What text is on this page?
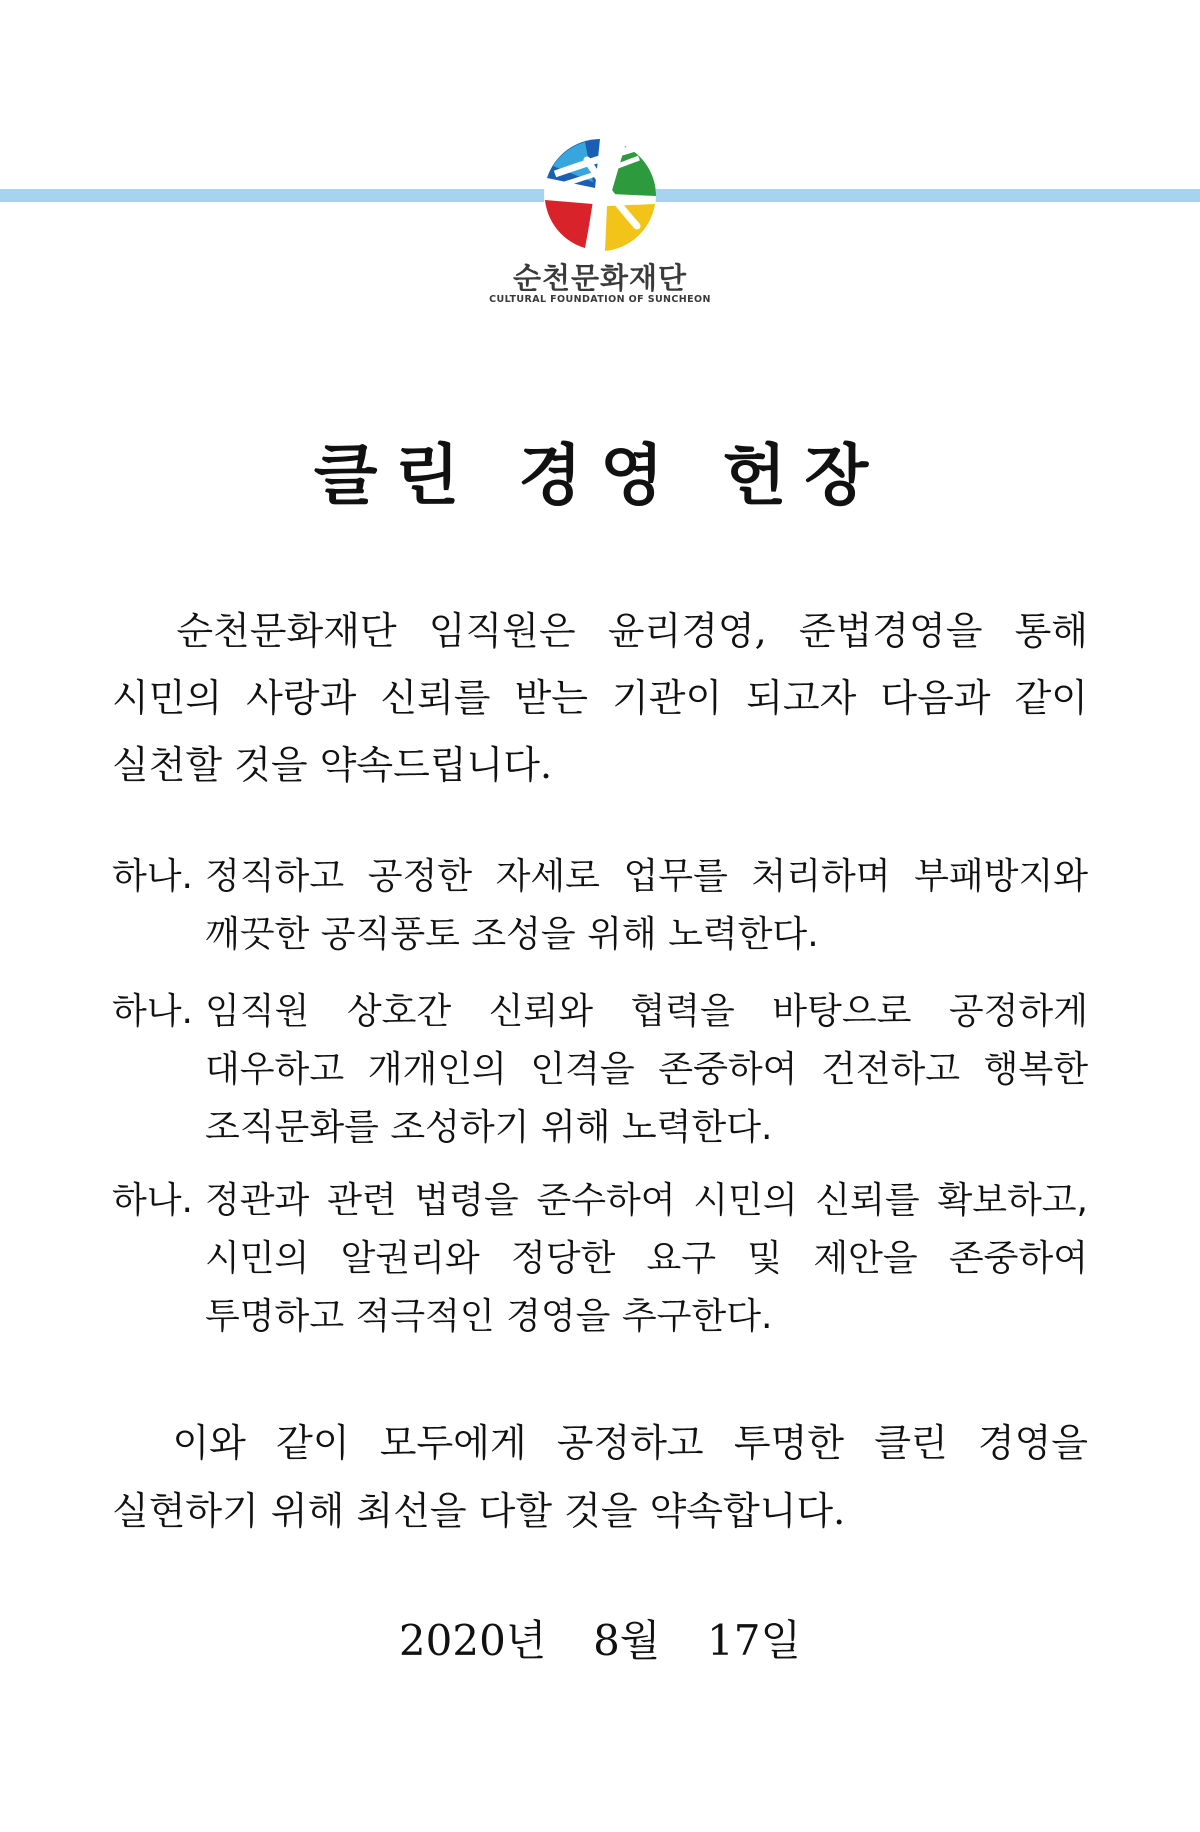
순천문화재단
CULTURAL FOUNDATION OF SUNCHEON
클린 경영 헌장
순천문화재단 임직원은 윤리경영, 준법경영을 통해
시민의 사랑과 신뢰를 받는 기관이 되고자 다음과 같이
실천할 것을 약속드립니다.
하나. 정직하고 공정한 자세로 업무를 처리하며 부패방지와
깨끗한 공직풍토 조성을 위해 노력한다.
하나. 임직원 상호간 신뢰와 협력을 바탕으로 공정하게
대우하고 개개인의 인격을 존중하여 건전하고 행복한
조직문화를 조성하기 위해 노력한다.
하나. 정관과 관련 법령을 준수하여 시민의 신뢰를 확보하고,
시민의 알권리와 정당한 요구 및 제안을 존중하여
투명하고 적극적인 경영을 추구한다.
이와 같이 모두에게 공정하고 투명한 클린 경영을
실현하기 위해 최선을 다할 것을 약속합니다.
2020년  8월  17일
